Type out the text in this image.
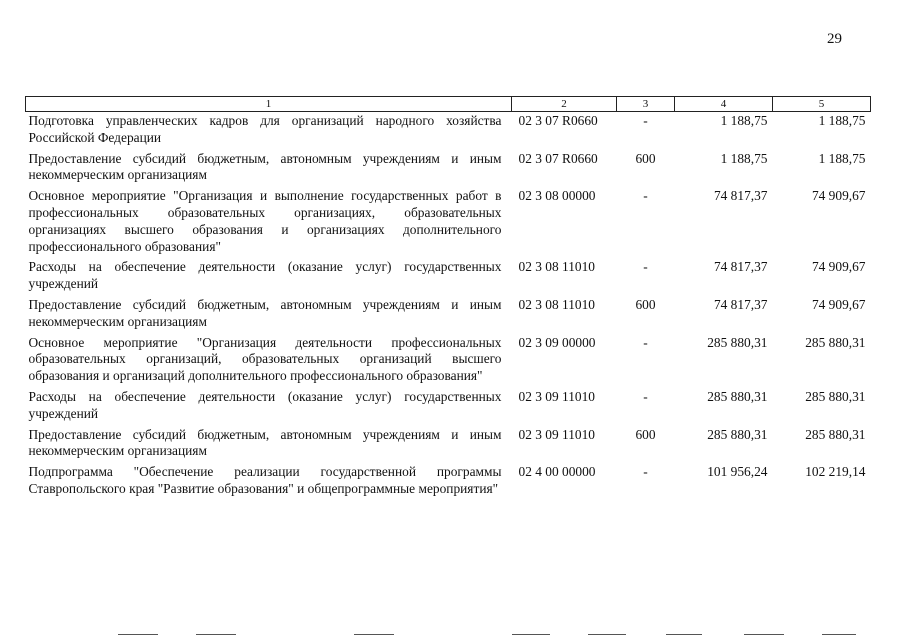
29
1	2	3	4	5
Подготовка управленческих кадров для организаций народного хозяйства Российской Федерации	02 3 07 R0660	-	1 188,75	1 188,75
Предоставление субсидий бюджетным, автономным учреждениям и иным некоммерческим организациям	02 3 07 R0660	600	1 188,75	1 188,75
Основное мероприятие "Организация и выполнение государственных работ в профессиональных образовательных организациях, образовательных организациях высшего образования и организациях дополнительного профессионального образования"	02 3 08 00000	-	74 817,37	74 909,67
Расходы на обеспечение деятельности (оказание услуг) государственных учреждений	02 3 08 11010	-	74 817,37	74 909,67
Предоставление субсидий бюджетным, автономным учреждениям и иным некоммерческим организациям	02 3 08 11010	600	74 817,37	74 909,67
Основное мероприятие "Организация деятельности профессиональных образовательных организаций, образовательных организаций высшего образования и организаций дополнительного профессионального образования"	02 3 09 00000	-	285 880,31	285 880,31
Расходы на обеспечение деятельности (оказание услуг) государственных учреждений	02 3 09 11010	-	285 880,31	285 880,31
Предоставление субсидий бюджетным, автономным учреждениям и иным некоммерческим организациям	02 3 09 11010	600	285 880,31	285 880,31
Подпрограмма "Обеспечение реализации государственной программы Ставропольского края "Развитие образования" и общепрограммные мероприятия"	02 4 00 00000	-	101 956,24	102 219,14
